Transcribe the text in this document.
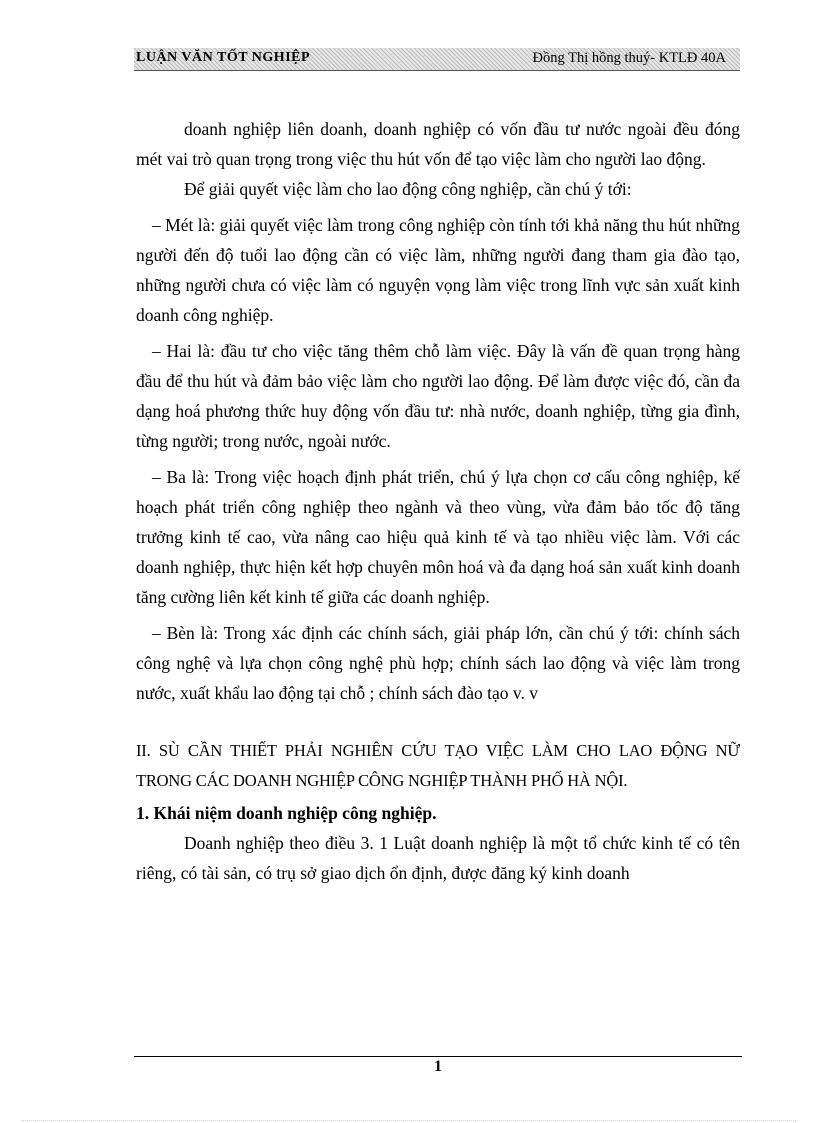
LUẬN VĂN TỐT NGHIỆP	Đồng Thị hồng thuý- KTLĐ 40A

doanh nghiệp liên doanh, doanh nghiệp có vốn đầu tư nước ngoài đều đóng mét vai trò quan trọng trong việc thu hút vốn để tạo việc làm cho người lao động.

Để giải quyết việc làm cho lao động công nghiệp, cần chú ý tới:

– Mét là: giải quyết việc làm trong công nghiệp còn tính tới khả năng thu hút những người đến độ tuổi lao động cần có việc làm, những người đang tham gia đào tạo, những người chưa có việc làm có nguyện vọng làm việc trong lĩnh vực sản xuất kinh doanh công nghiệp.

– Hai là: đầu tư cho việc tăng thêm chỗ làm việc. Đây là vấn đề quan trọng hàng đầu để thu hút và đảm bảo việc làm cho người lao động. Để làm được việc đó, cần đa dạng hoá phương thức huy động vốn đầu tư: nhà nước, doanh nghiệp, từng gia đình, từng người; trong nước, ngoài nước.

– Ba là: Trong việc hoạch định phát triển, chú ý lựa chọn cơ cấu công nghiệp, kế hoạch phát triển công nghiệp theo ngành và theo vùng, vừa đảm bảo tốc độ tăng trưởng kinh tế cao, vừa nâng cao hiệu quả kinh tế và tạo nhiều việc làm. Với các doanh nghiệp, thực hiện kết hợp chuyên môn hoá và đa dạng hoá sản xuất kinh doanh tăng cường liên kết kinh tế giữa các doanh nghiệp.

– Bèn là: Trong xác định các chính sách, giải pháp lớn, cần chú ý tới: chính sách công nghệ và lựa chọn công nghệ phù hợp; chính sách lao động và việc làm trong nước, xuất khẩu lao động tại chỗ ; chính sách đào tạo v. v

II. SÙ CẦN THIẾT PHẢI NGHIÊN CỨU TẠO VIỆC LÀM CHO LAO ĐỘNG NỮ TRONG CÁC DOANH NGHIỆP CÔNG NGHIỆP THÀNH PHỐ HÀ NỘI.

1. Khái niệm doanh nghiệp công nghiệp.

Doanh nghiệp theo điều 3. 1 Luật doanh nghiệp là một tổ chức kinh tế có tên riêng, có tài sản, có trụ sở giao dịch ổn định, được đăng ký kinh doanh

1
